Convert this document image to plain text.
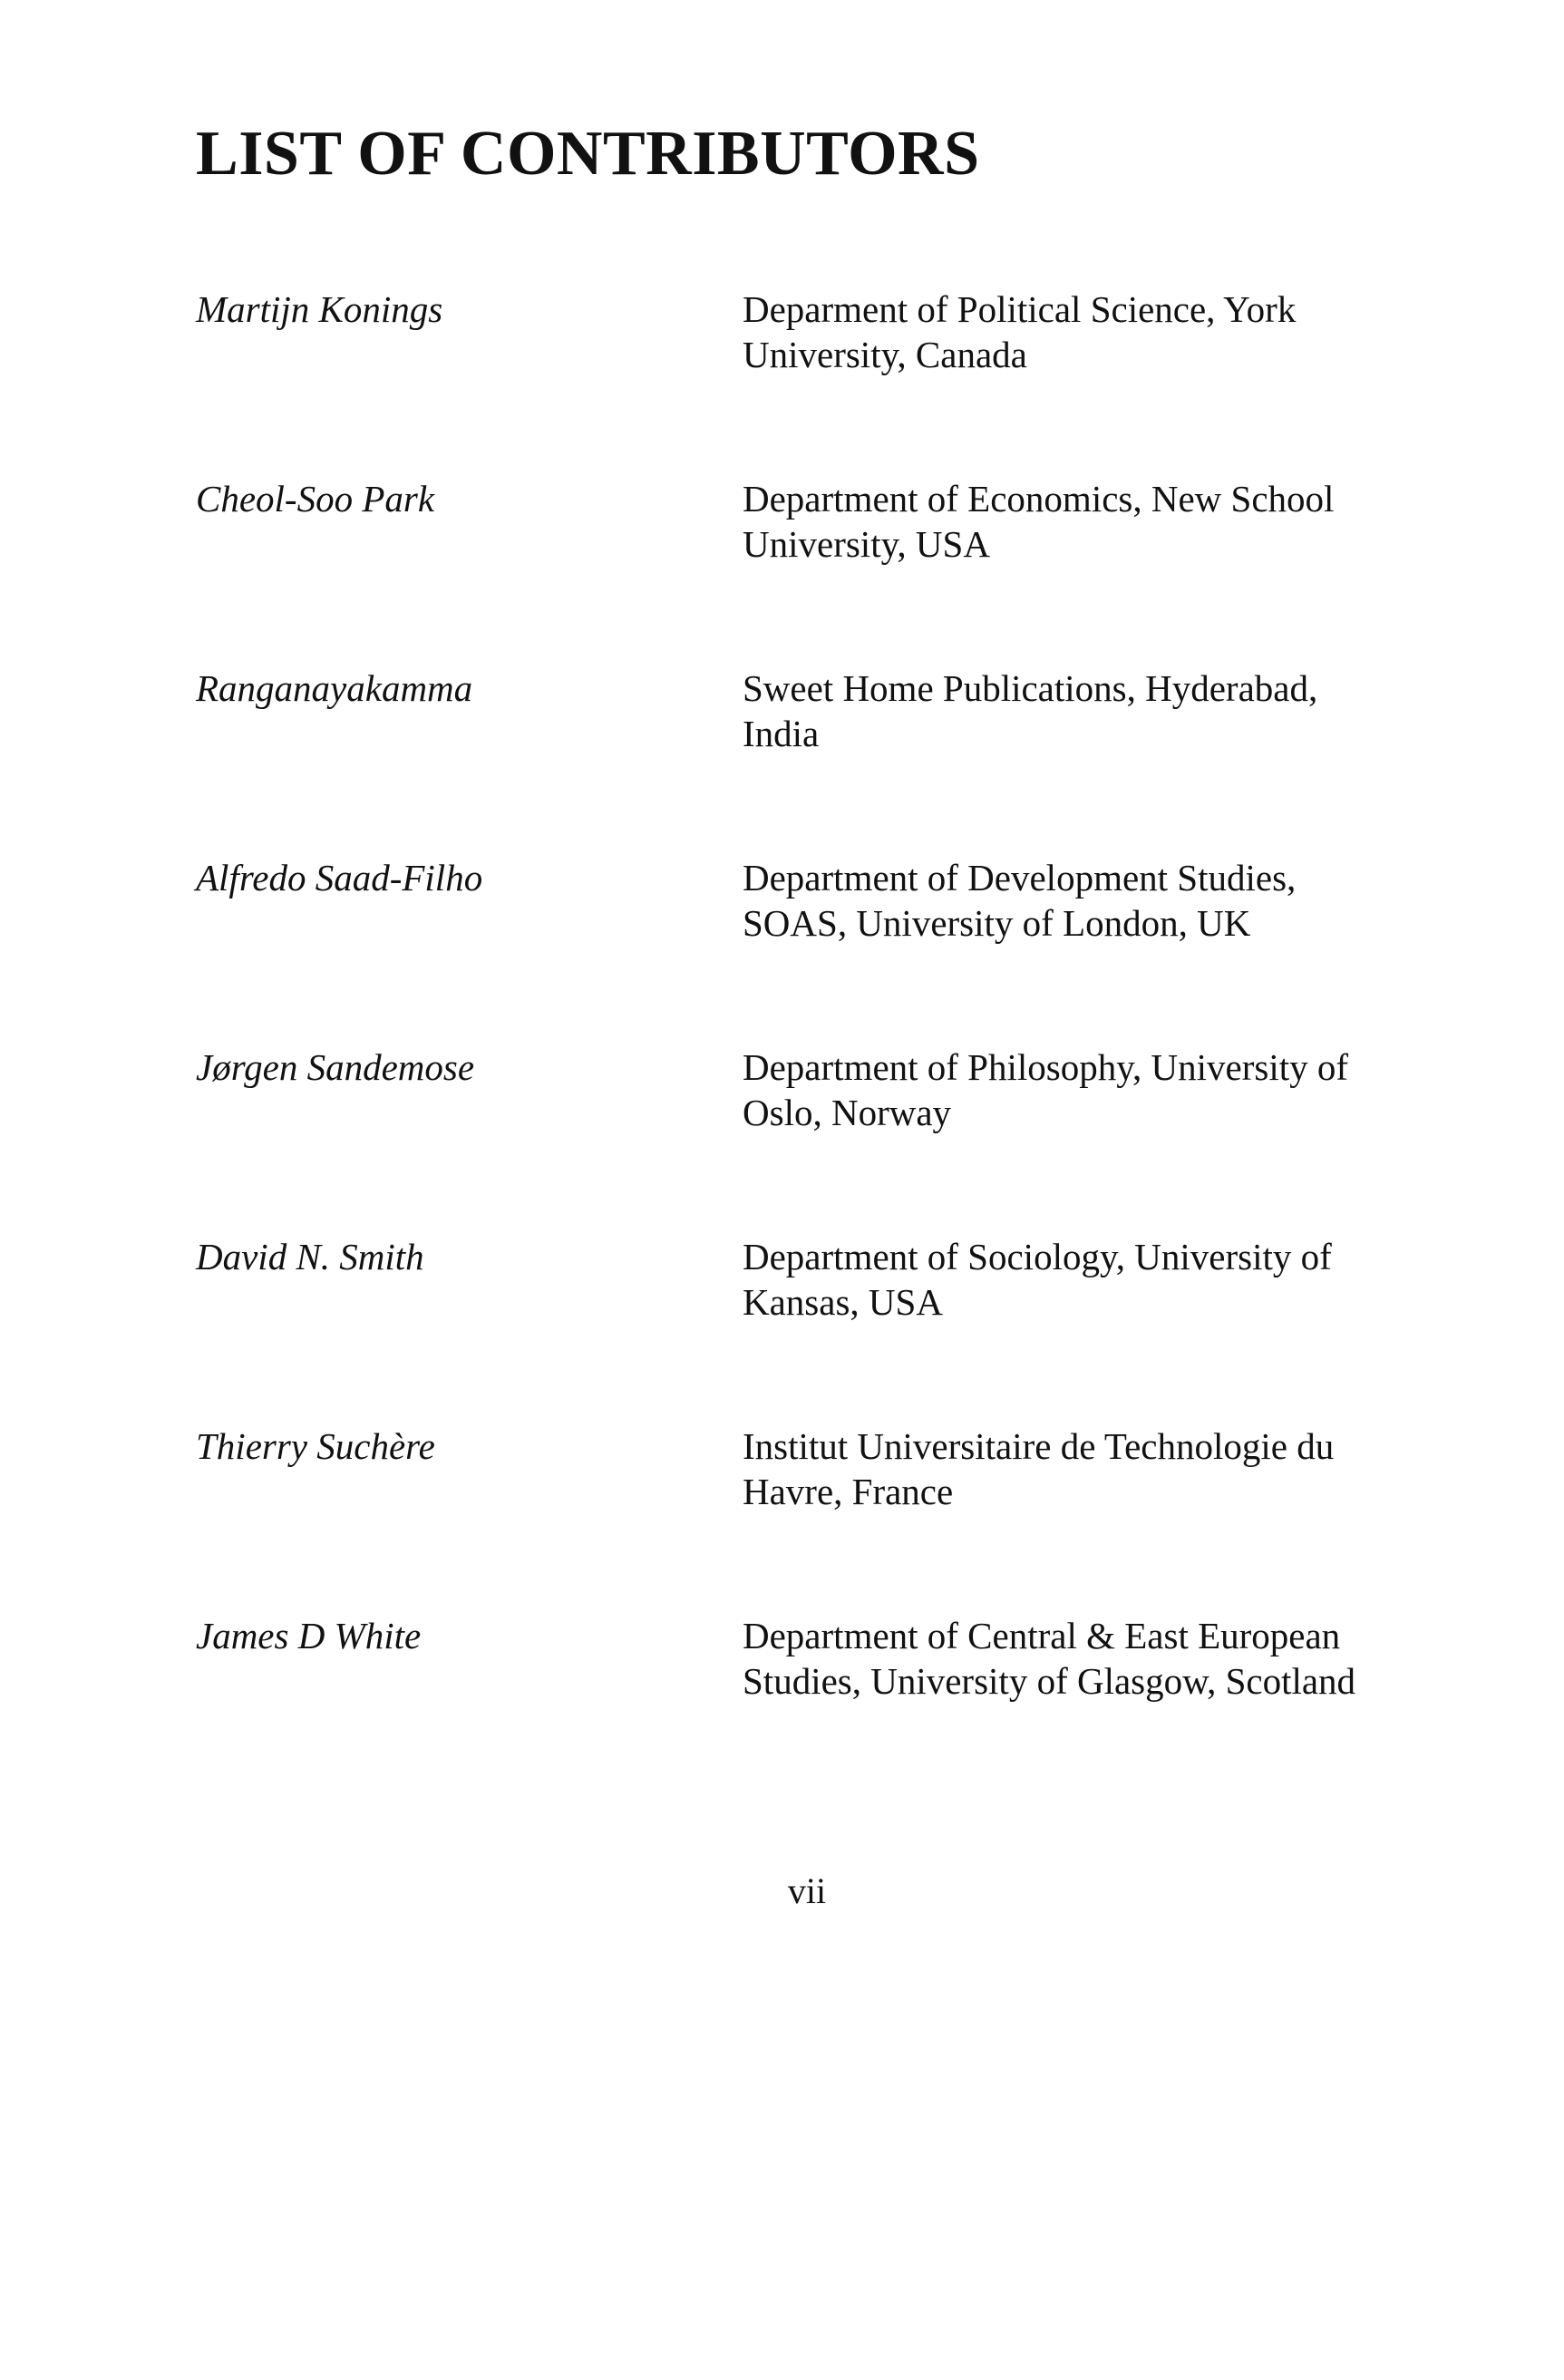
LIST OF CONTRIBUTORS
Martijn Konings	Deparment of Political Science, York
University, Canada
Cheol-Soo Park	Department of Economics, New School
University, USA
Ranganayakamma	Sweet Home Publications, Hyderabad,
India
Alfredo Saad-Filho	Department of Development Studies,
SOAS, University of London, UK
Jørgen Sandemose	Department of Philosophy, University of
Oslo, Norway
David N. Smith	Department of Sociology, University of
Kansas, USA
Thierry Suchère	Institut Universitaire de Technologie du
Havre, France
James D White	Department of Central & East European
Studies, University of Glasgow, Scotland
vii
